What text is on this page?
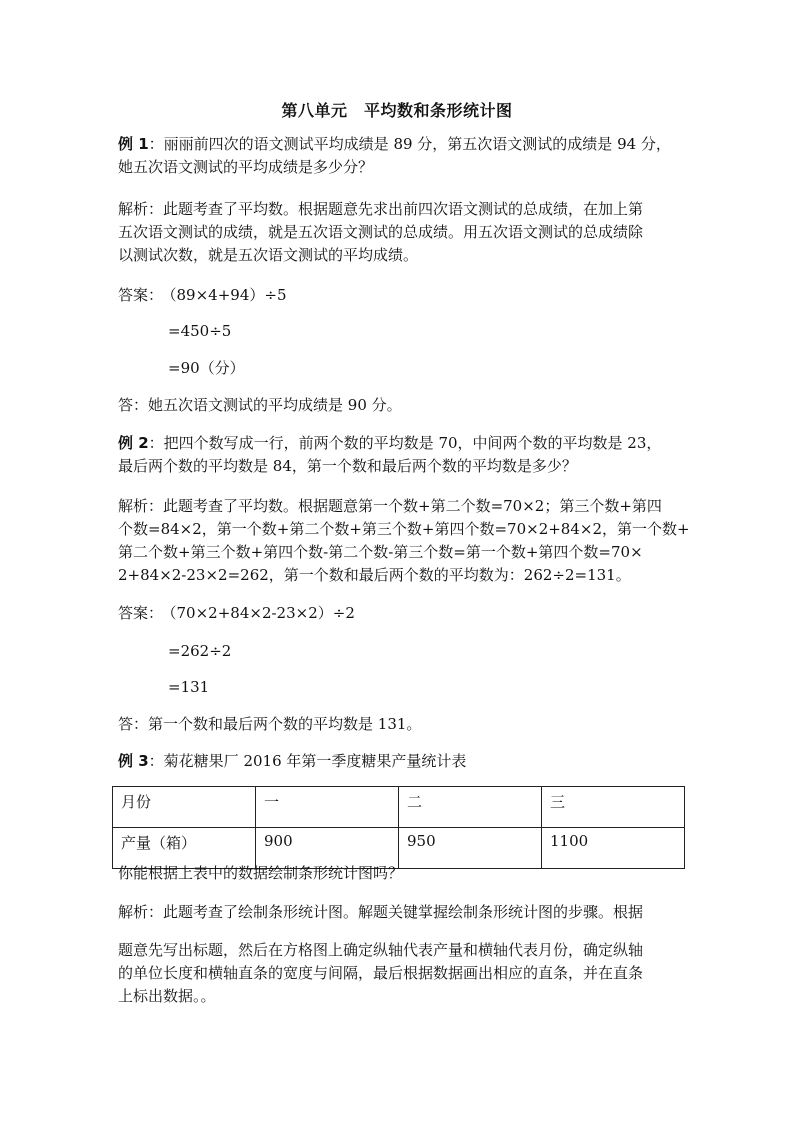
第八单元　平均数和条形统计图
例 1：丽丽前四次的语文测试平均成绩是 89 分，第五次语文测试的成绩是 94 分，
她五次语文测试的平均成绩是多少分？
解析：此题考查了平均数。根据题意先求出前四次语文测试的总成绩，在加上第
五次语文测试的成绩，就是五次语文测试的总成绩。用五次语文测试的总成绩除
以测试次数，就是五次语文测试的平均成绩。
答案： （89×4+94）÷5
=450÷5
=90（分）
答：她五次语文测试的平均成绩是 90 分。
例 2：把四个数写成一行，前两个数的平均数是 70，中间两个数的平均数是 23，
最后两个数的平均数是 84，第一个数和最后两个数的平均数是多少？
解析：此题考查了平均数。根据题意第一个数+第二个数=70×2；第三个数+第四
个数=84×2，第一个数+第二个数+第三个数+第四个数=70×2+84×2，第一个数+
第二个数+第三个数+第四个数-第二个数-第三个数=第一个数+第四个数=70×
2+84×2-23×2=262，第一个数和最后两个数的平均数为：262÷2=131。
答案： （70×2+84×2-23×2）÷2
=262÷2
=131
答：第一个数和最后两个数的平均数是 131。
例 3：菊花糖果厂 2016 年第一季度糖果产量统计表
月份	一	二	三
产量（箱）	900	950	1100
你能根据上表中的数据绘制条形统计图吗？
解析：此题考查了绘制条形统计图。解题关键掌握绘制条形统计图的步骤。根据
题意先写出标题，然后在方格图上确定纵轴代表产量和横轴代表月份，确定纵轴
的单位长度和横轴直条的宽度与间隔，最后根据数据画出相应的直条，并在直条
上标出数据。。
